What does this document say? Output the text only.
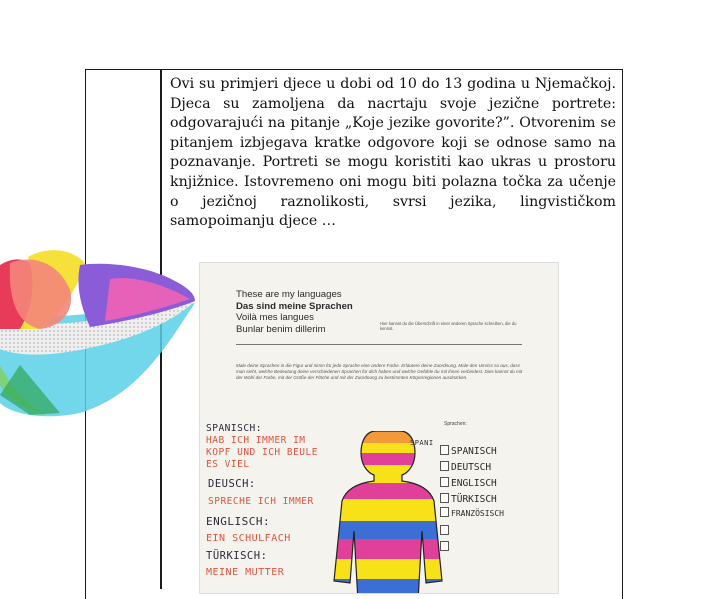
Ovi su primjeri djece u dobi od 10 do 13 godina u Njemačkoj. Djeca su zamoljena da nacrtaju svoje jezične portrete: odgovarajući na pitanje „Koje jezike govorite?”. Otvorenim se pitanjem izbjegava kratke odgovore koji se odnose samo na poznavanje. Portreti se mogu koristiti kao ukras u prostoru knjižnice. Istovremeno oni mogu biti polazna točka za učenje o jezičnoj raznolikosti, svrsi jezika, lingvističkom samopoimanju djece …

These are my languages
Das sind meine Sprachen
Voilà mes langues
Bunlar benim dillerim	Hier kannst du die Überschrift in einer anderen Sprache schreiben, die du kennst.
Male deine Sprachen in die Figur und nimm für jede Sprache eine andere Farbe. Erläutere deine Zuordnung. Male den Umriss so aus, dass man sieht, welche Bedeutung deine verschiedenen Sprachen für dich haben und welche Gefühle du mit ihnen verbindest. Dies kannst du mit der Wahl der Farbe, mit der Größe der Fläche und mit der Zuordnung zu bestimmten Körperregionen ausdrücken.
Sprachen:
SPANISCH:
HAB ICH IMMER IM
KOPF UND ICH BEULE
ES VIEL
DEUSCH:
SPRECHE ICH IMMER
ENGLISCH:
EIN SCHULFACH
TÜRKISCH:
MEINE MUTTER
SPANI
SPANISCH
DEUTSCH
ENGLISCH
TÜRKISCH
FRANZÖSISCH
